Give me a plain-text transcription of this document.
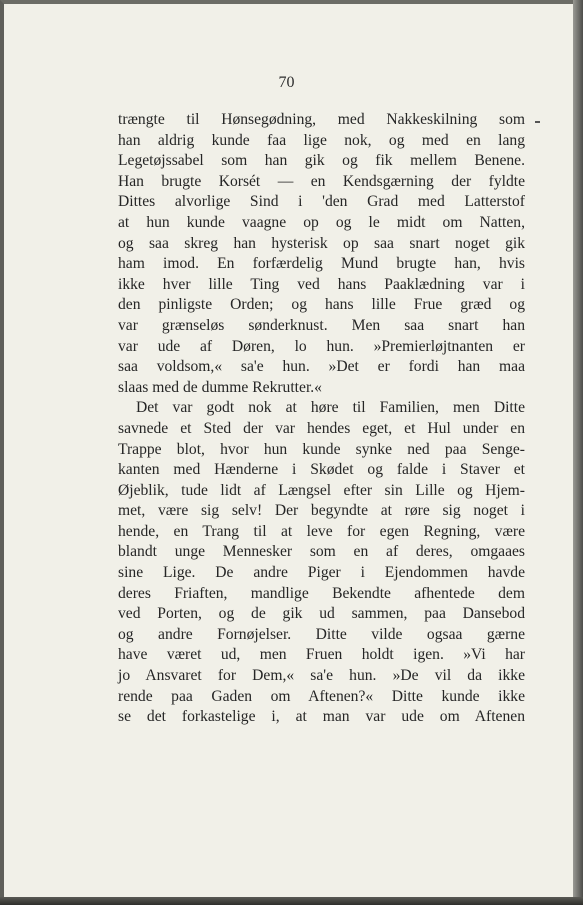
70
trængte til Hønsegødning, med Nakkeskilning som
han aldrig kunde faa lige nok, og med en lang
Legetøjssabel som han gik og fik mellem Benene.
Han brugte Korsét — en Kendsgærning der fyldte
Dittes alvorlige Sind i 'den Grad med Latterstof
at hun kunde vaagne op og le midt om Natten,
og saa skreg han hysterisk op saa snart noget gik
ham imod. En forfærdelig Mund brugte han, hvis
ikke hver lille Ting ved hans Paaklædning var i
den pinligste Orden; og hans lille Frue græd og
var grænseløs sønderknust. Men saa snart han
var ude af Døren, lo hun. »Premierløjtnanten er
saa voldsom,« sa'e hun. »Det er fordi han maa
slaas med de dumme Rekrutter.«
Det var godt nok at høre til Familien, men Ditte
savnede et Sted der var hendes eget, et Hul under en
Trappe blot, hvor hun kunde synke ned paa Senge-
kanten med Hænderne i Skødet og falde i Staver et
Øjeblik, tude lidt af Længsel efter sin Lille og Hjem-
met, være sig selv! Der begyndte at røre sig noget i
hende, en Trang til at leve for egen Regning, være
blandt unge Mennesker som en af deres, omgaaes
sine Lige. De andre Piger i Ejendommen havde
deres Friaften, mandlige Bekendte afhentede dem
ved Porten, og de gik ud sammen, paa Dansebod
og andre Fornøjelser. Ditte vilde ogsaa gærne
have været ud, men Fruen holdt igen. »Vi har
jo Ansvaret for Dem,« sa'e hun. »De vil da ikke
rende paa Gaden om Aftenen?« Ditte kunde ikke
se det forkastelige i, at man var ude om Aftenen
